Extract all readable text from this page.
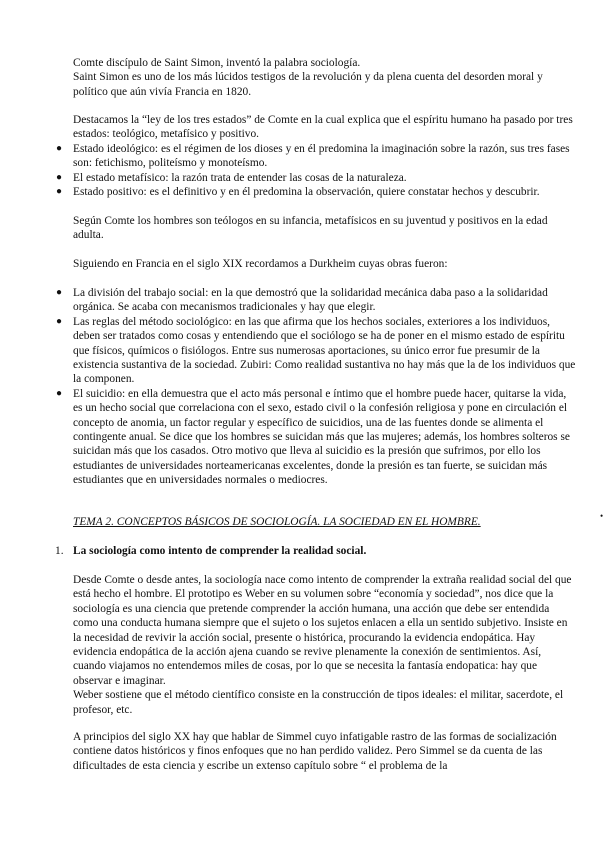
Comte discípulo de Saint Simon, inventó la palabra sociología.

Saint Simon es uno de los más lúcidos testigos de la revolución y da plena cuenta del desorden moral y político que aún vivía Francia en 1820.

Destacamos la “ley de los tres estados” de Comte en la cual explica que el espíritu humano ha pasado por tres estados: teológico, metafísico y positivo.

● Estado ideológico: es el régimen de los dioses y en él predomina la imaginación sobre la razón, sus tres fases son: fetichismo, politeísmo y monoteísmo.
● El estado metafísico: la razón trata de entender las cosas de la naturaleza.
● Estado positivo: es el definitivo y en él predomina la observación, quiere constatar hechos y descubrir.

Según Comte los hombres son teólogos en su infancia, metafísicos en su juventud y positivos en la edad adulta.

Siguiendo en Francia en el siglo XIX recordamos a Durkheim cuyas obras fueron:

● La división del trabajo social: en la que demostró que la solidaridad mecánica daba paso a la solidaridad orgánica. Se acaba con mecanismos tradicionales y hay que elegir.
● Las reglas del método sociológico: en las que afirma que los hechos sociales, exteriores a los individuos, deben ser tratados como cosas y entendiendo que el sociólogo se ha de poner en el mismo estado de espíritu que físicos, químicos o fisiólogos. Entre sus numerosas aportaciones, su único error fue presumir de la existencia sustantiva de la sociedad. Zubiri: Como realidad sustantiva no hay más que la de los individuos que la componen.
● El suicidio: en ella demuestra que el acto más personal e íntimo que el hombre puede hacer, quitarse la vida, es un hecho social que correlaciona con el sexo, estado civil o la confesión religiosa y pone en circulación el concepto de anomia, un factor regular y específico de suicidios, una de las fuentes donde se alimenta el contingente anual. Se dice que los hombres se suicidan más que las mujeres; además, los hombres solteros se suicidan más que los casados. Otro motivo que lleva al suicidio es la presión que sufrimos, por ello los estudiantes de universidades norteamericanas excelentes, donde la presión es tan fuerte, se suicidan más estudiantes que en universidades normales o mediocres.

TEMA 2. CONCEPTOS BÁSICOS DE SOCIOLOGÍA. LA SOCIEDAD EN EL HOMBRE.	•

1. La sociología como intento de comprender la realidad social.

Desde Comte o desde antes, la sociología nace como intento de comprender la extraña realidad social del que está hecho el hombre. El prototipo es Weber en su volumen sobre “economía y sociedad”, nos dice que la sociología es una ciencia que pretende comprender la acción humana, una acción que debe ser entendida como una conducta humana siempre que el sujeto o los sujetos enlacen a ella un sentido subjetivo. Insiste en la necesidad de revivir la acción social, presente o histórica, procurando la evidencia endopática. Hay evidencia endopática de la acción ajena cuando se revive plenamente la conexión de sentimientos. Así, cuando viajamos no entendemos miles de cosas, por lo que se necesita la fantasía endopatica: hay que observar e imaginar.

Weber sostiene que el método científico consiste en la construcción de tipos ideales: el militar, sacerdote, el profesor, etc.

A principios del siglo XX hay que hablar de Simmel cuyo infatigable rastro de las formas de socialización contiene datos históricos y finos enfoques que no han perdido validez. Pero Simmel se da cuenta de las dificultades de esta ciencia y escribe un extenso capítulo sobre “ el problema de la
